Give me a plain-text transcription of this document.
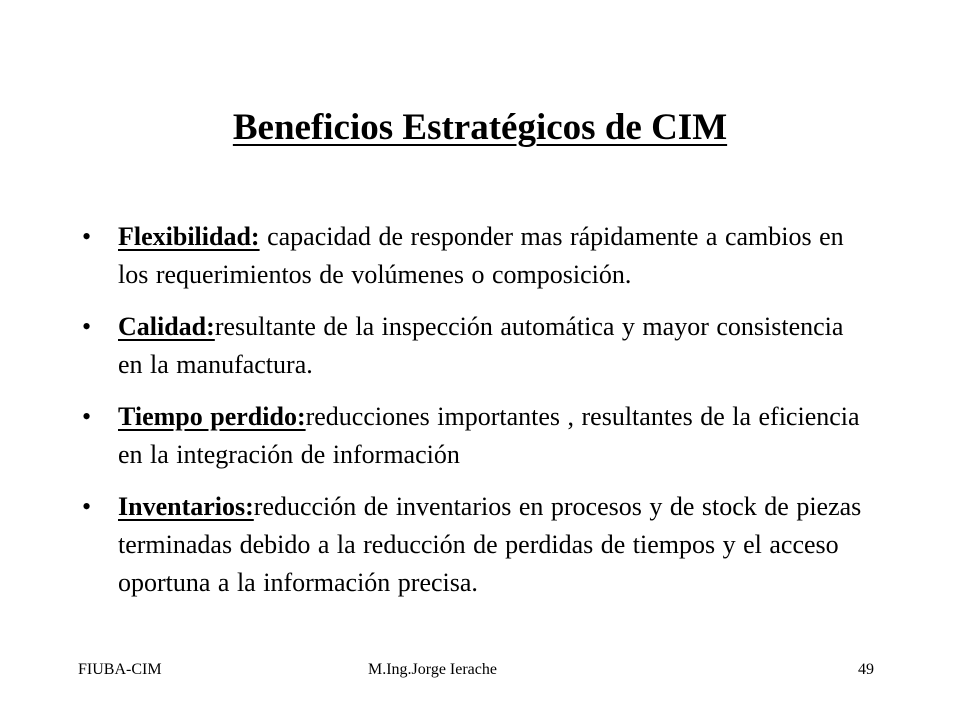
Beneficios Estratégicos de CIM
• Flexibilidad: capacidad de responder mas rápidamente a cambios en los requerimientos de volúmenes o composición.
• Calidad:resultante de la inspección automática y mayor consistencia en la manufactura.
• Tiempo perdido:reducciones importantes , resultantes de la eficiencia en la integración de información
• Inventarios:reducción de inventarios en procesos y de stock de piezas terminadas debido a la reducción de perdidas de tiempos y el acceso oportuna a la información precisa.
FIUBA-CIM	M.Ing.Jorge Ierache	49
